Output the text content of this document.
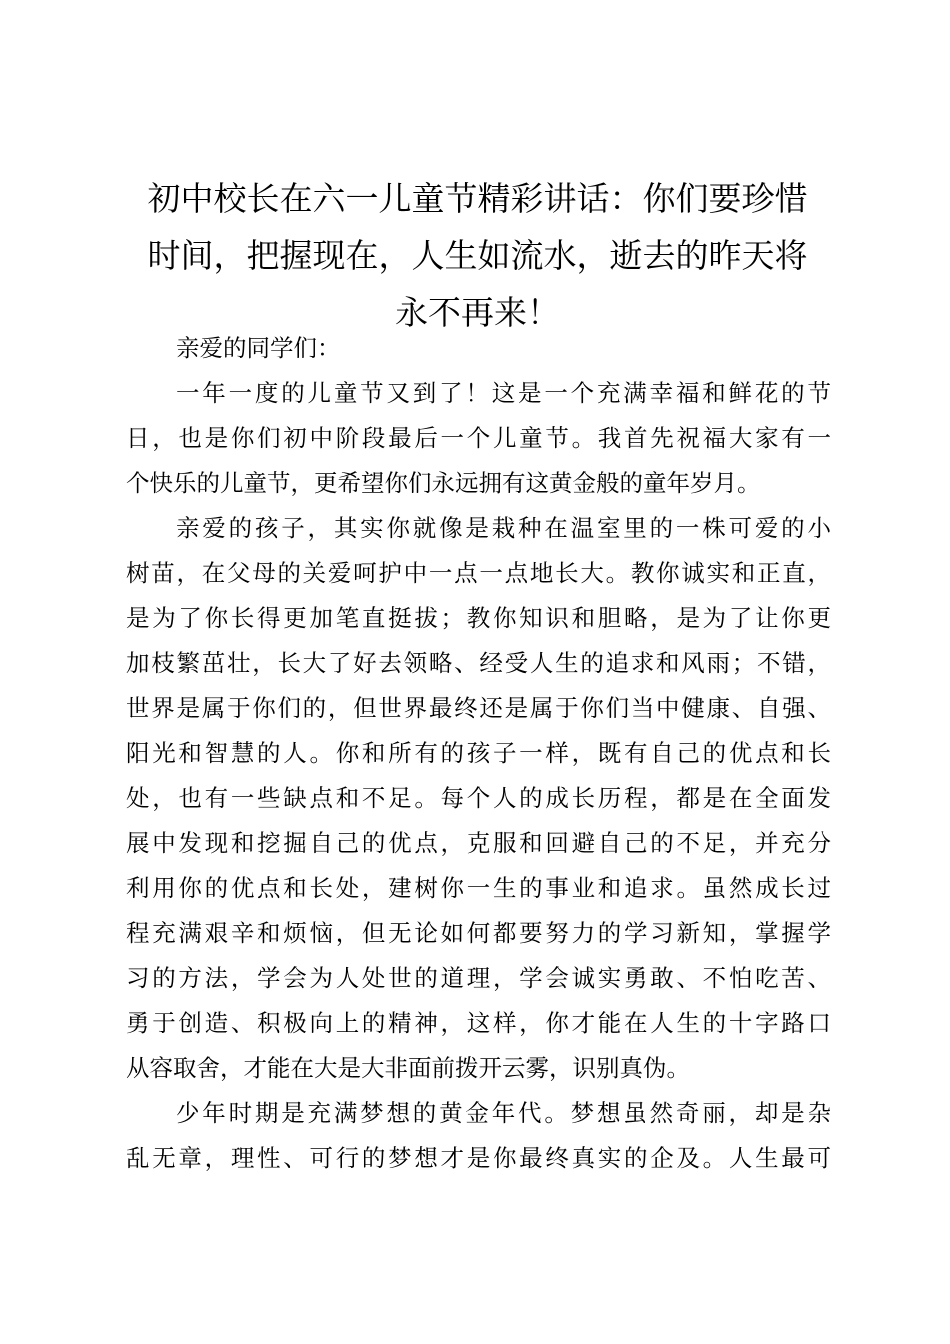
初中校长在六一儿童节精彩讲话：你们要珍惜
时间，把握现在，人生如流水，逝去的昨天将
永不再来！

亲爱的同学们：

一年一度的儿童节又到了！这是一个充满幸福和鲜花的节
日，也是你们初中阶段最后一个儿童节。我首先祝福大家有一
个快乐的儿童节，更希望你们永远拥有这黄金般的童年岁月。

亲爱的孩子，其实你就像是栽种在温室里的一株可爱的小
树苗，在父母的关爱呵护中一点一点地长大。教你诚实和正直，
是为了你长得更加笔直挺拔；教你知识和胆略，是为了让你更
加枝繁茁壮，长大了好去领略、经受人生的追求和风雨；不错，
世界是属于你们的，但世界最终还是属于你们当中健康、自强、
阳光和智慧的人。你和所有的孩子一样，既有自己的优点和长
处，也有一些缺点和不足。每个人的成长历程，都是在全面发
展中发现和挖掘自己的优点，克服和回避自己的不足，并充分
利用你的优点和长处，建树你一生的事业和追求。虽然成长过
程充满艰辛和烦恼，但无论如何都要努力的学习新知，掌握学
习的方法，学会为人处世的道理，学会诚实勇敢、不怕吃苦、
勇于创造、积极向上的精神，这样，你才能在人生的十字路口
从容取舍，才能在大是大非面前拨开云雾，识别真伪。

少年时期是充满梦想的黄金年代。梦想虽然奇丽，却是杂
乱无章，理性、可行的梦想才是你最终真实的企及。人生最可
